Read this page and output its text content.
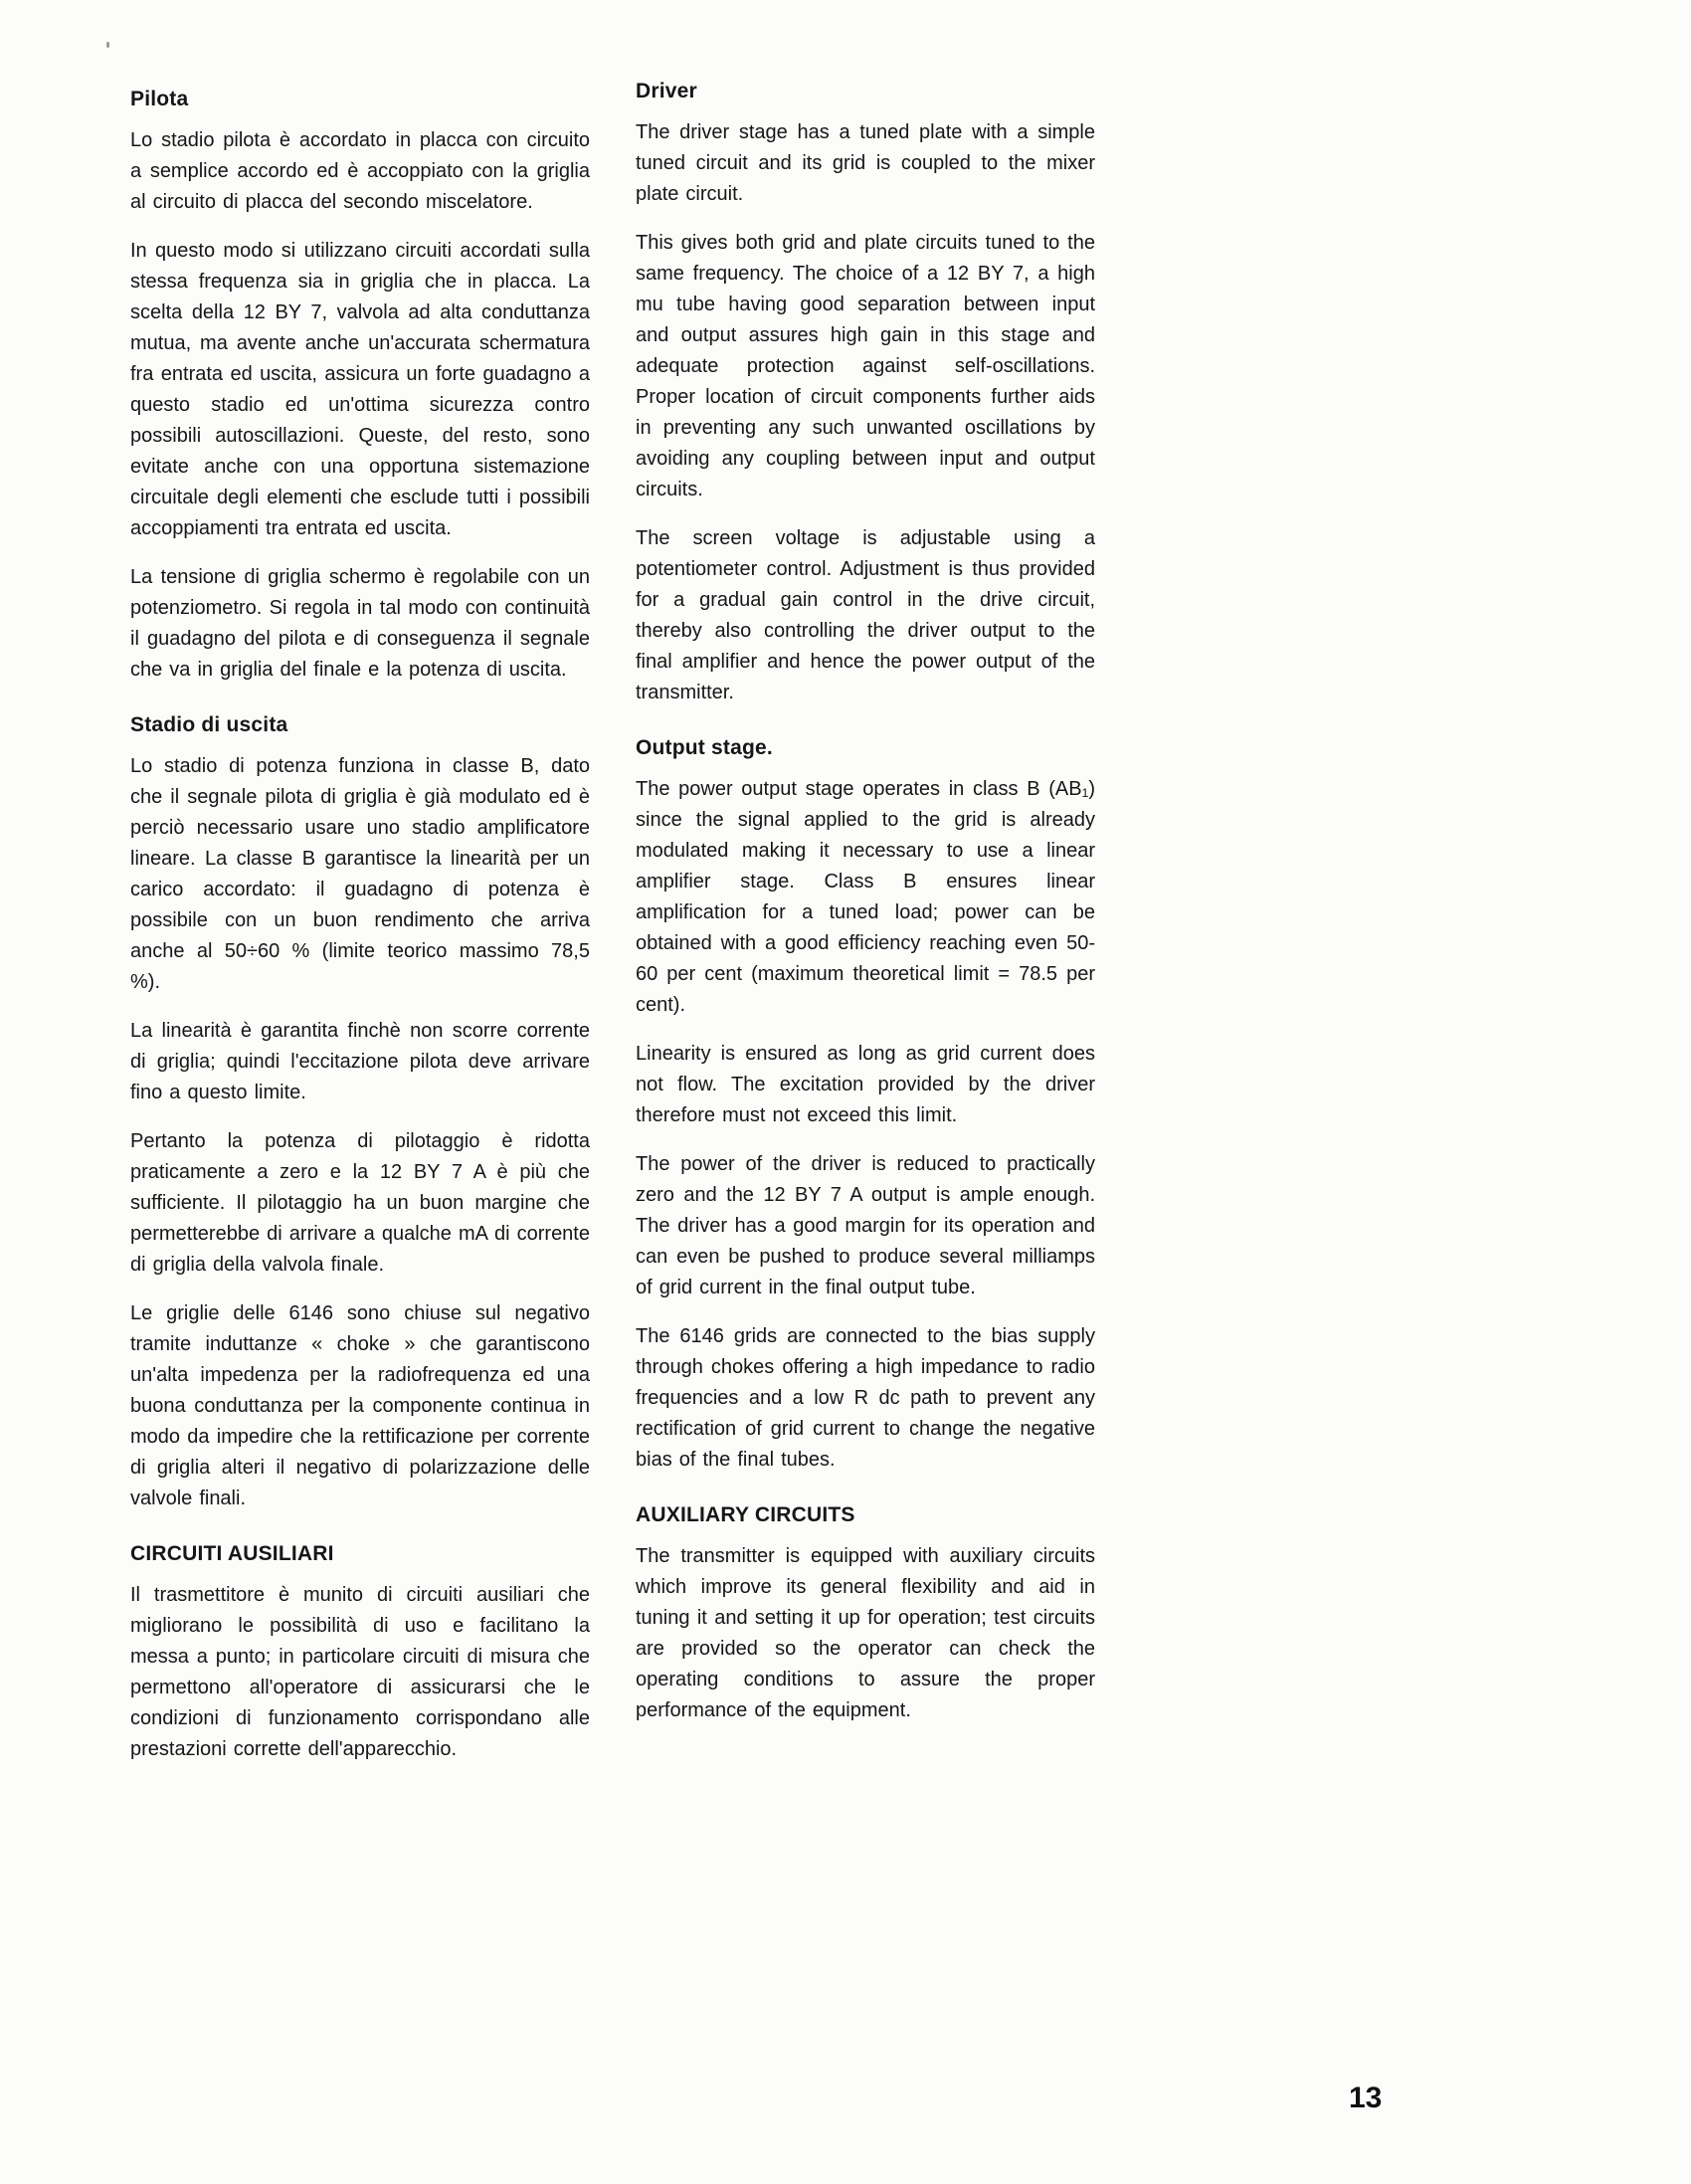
Pilota

Lo stadio pilota è accordato in placca con circuito a semplice accordo ed è accoppiato con la griglia al circuito di placca del secondo miscelatore.

In questo modo si utilizzano circuiti accordati sulla stessa frequenza sia in griglia che in placca. La scelta della 12 BY 7, valvola ad alta conduttanza mutua, ma avente anche un'accurata schermatura fra entrata ed uscita, assicura un forte guadagno a questo stadio ed un'ottima sicurezza contro possibili autoscillazioni. Queste, del resto, sono evitate anche con una opportuna sistemazione circuitale degli elementi che esclude tutti i possibili accoppiamenti tra entrata ed uscita.

La tensione di griglia schermo è regolabile con un potenziometro. Si regola in tal modo con continuità il guadagno del pilota e di conseguenza il segnale che va in griglia del finale e la potenza di uscita.

Stadio di uscita

Lo stadio di potenza funziona in classe B, dato che il segnale pilota di griglia è già modulato ed è perciò necessario usare uno stadio amplificatore lineare. La classe B garantisce la linearità per un carico accordato: il guadagno di potenza è possibile con un buon rendimento che arriva anche al 50÷60 % (limite teorico massimo 78,5 %).

La linearità è garantita finchè non scorre corrente di griglia; quindi l'eccitazione pilota deve arrivare fino a questo limite.

Pertanto la potenza di pilotaggio è ridotta praticamente a zero e la 12 BY 7 A è più che sufficiente. Il pilotaggio ha un buon margine che permetterebbe di arrivare a qualche mA di corrente di griglia della valvola finale.

Le griglie delle 6146 sono chiuse sul negativo tramite induttanze « choke » che garantiscono un'alta impedenza per la radiofrequenza ed una buona conduttanza per la componente continua in modo da impedire che la rettificazione per corrente di griglia alteri il negativo di polarizzazione delle valvole finali.

CIRCUITI AUSILIARI

Il trasmettitore è munito di circuiti ausiliari che migliorano le possibilità di uso e facilitano la messa a punto; in particolare circuiti di misura che permettono all'operatore di assicurarsi che le condizioni di funzionamento corrispondano alle prestazioni corrette dell'apparecchio.

Driver

The driver stage has a tuned plate with a simple tuned circuit and its grid is coupled to the mixer plate circuit.

This gives both grid and plate circuits tuned to the same frequency. The choice of a 12 BY 7, a high mu tube having good separation between input and output assures high gain in this stage and adequate protection against self-oscillations. Proper location of circuit components further aids in preventing any such unwanted oscillations by avoiding any coupling between input and output circuits.

The screen voltage is adjustable using a potentiometer control. Adjustment is thus provided for a gradual gain control in the drive circuit, thereby also controlling the driver output to the final amplifier and hence the power output of the transmitter.

Output stage.

The power output stage operates in class B (AB₁) since the signal applied to the grid is already modulated making it necessary to use a linear amplifier stage. Class B ensures linear amplification for a tuned load; power can be obtained with a good efficiency reaching even 50-60 per cent (maximum theoretical limit = 78.5 per cent).

Linearity is ensured as long as grid current does not flow. The excitation provided by the driver therefore must not exceed this limit.

The power of the driver is reduced to practically zero and the 12 BY 7 A output is ample enough. The driver has a good margin for its operation and can even be pushed to produce several milliamps of grid current in the final output tube.

The 6146 grids are connected to the bias supply through chokes offering a high impedance to radio frequencies and a low R dc path to prevent any rectification of grid current to change the negative bias of the final tubes.

AUXILIARY CIRCUITS

The transmitter is equipped with auxiliary circuits which improve its general flexibility and aid in tuning it and setting it up for operation; test circuits are provided so the operator can check the operating conditions to assure the proper performance of the equipment.

13
